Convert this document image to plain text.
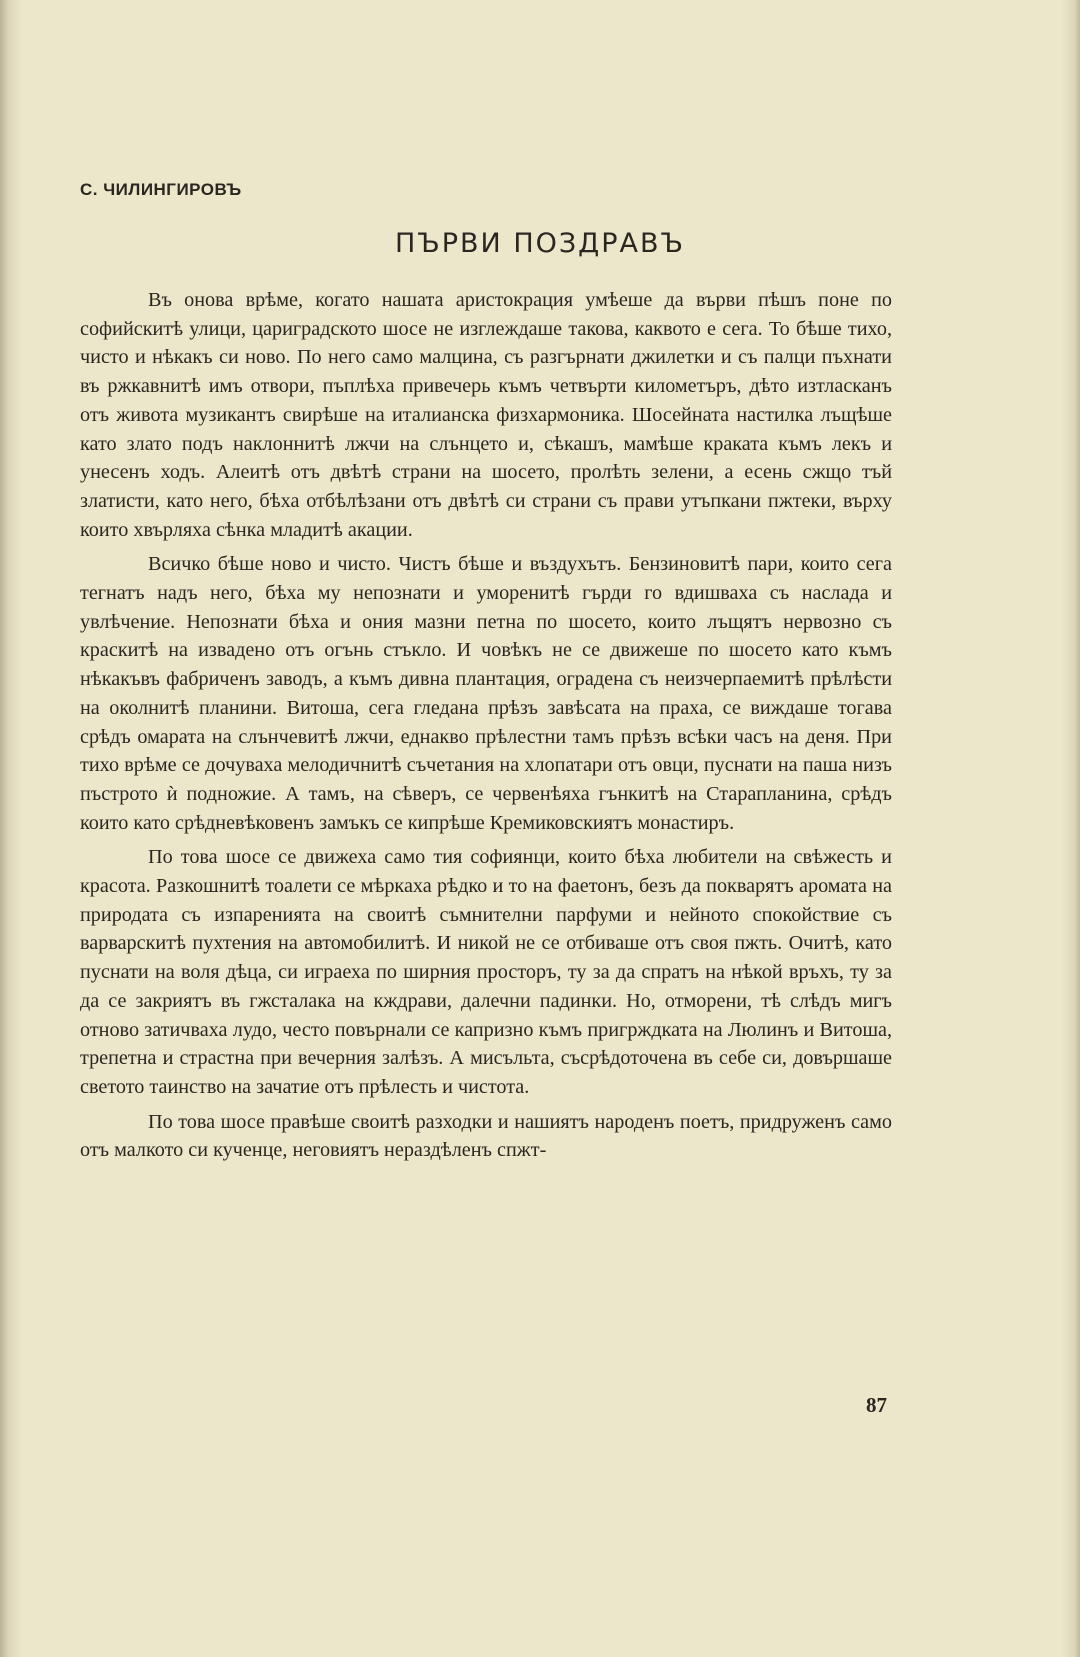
С. ЧИЛИНГИРОВЪ
ПЪРВИ ПОЗДРАВЪ

Въ онова врѣме, когато нашата аристокрация умѣеше да върви пѣшъ поне по софийскитѣ улици, цариградското шосе не изглеждаше такова, каквото е сега. То бѣше тихо, чисто и нѣкакъ си ново. По него само малцина, съ разгърнати джилетки и съ палци пъхнати въ ржкавнитѣ имъ отвори, пъплѣха привечерь къмъ четвърти километъръ, дѣто изтласканъ отъ живота музикантъ свирѣше на италианска физхармоника. Шосейната настилка лъщѣше като злато подъ наклоннитѣ лжчи на слънцето и, сѣкашъ, мамѣше краката къмъ лекъ и унесенъ ходъ. Алеитѣ отъ двѣтѣ страни на шосето, пролѣть зелени, а есень сжщо тъй златисти, като него, бѣха отбѣлѣзани отъ двѣтѣ си страни съ прави утъпкани пжтеки, върху които хвърляха сѣнка младитѣ акации.

Всичко бѣше ново и чисто. Чистъ бѣше и въздухътъ. Бензиновитѣ пари, които сега тегнатъ надъ него, бѣха му непознати и уморенитѣ гърди го вдишваха съ наслада и увлѣчение. Непознати бѣха и ония мазни петна по шосето, които лъщятъ нервозно съ краскитѣ на извадено отъ огънь стъкло. И човѣкъ не се движеше по шосето като къмъ нѣкакъвъ фабриченъ заводъ, а къмъ дивна плантация, оградена съ неизчерпаемитѣ прѣлѣсти на околнитѣ планини. Витоша, сега гледана прѣзъ завѣсата на праха, се виждаше тогава срѣдъ омарата на слънчевитѣ лжчи, еднакво прѣлестни тамъ прѣзъ всѣки часъ на деня. При тихо врѣме се дочуваха мелодичнитѣ съчетания на хлопатари отъ овци, пуснати на паша низъ пъстрото ѝ подножие. А тамъ, на сѣверъ, се червенѣяха гънкитѣ на Старапланина, срѣдъ които като срѣдневѣковенъ замъкъ се кипрѣше Кремиковскиятъ монастиръ.

По това шосе се движеха само тия софиянци, които бѣха любители на свѣжесть и красота. Разкошнитѣ тоалети се мѣркаха рѣдко и то на фаетонъ, безъ да покварятъ аромата на природата съ изпаренията на своитѣ съмнителни парфуми и нейното спокойствие съ варварскитѣ пухтения на автомобилитѣ. И никой не се отбиваше отъ своя пжть. Очитѣ, като пуснати на воля дѣца, си играеха по ширния просторъ, ту за да спратъ на нѣкой връхъ, ту за да се закриятъ въ гжсталака на кждрави, далечни падинки. Но, отморени, тѣ слѣдъ мигъ отново затичваха лудо, често повърнали се капризно къмъ пригрждката на Люлинъ и Витоша, трепетна и страстна при вечерния залѣзъ. А мисъльта, съсрѣдоточена въ себе си, довършаше светото таинство на зачатие отъ прѣлесть и чистота.

По това шосе правѣше своитѣ разходки и нашиятъ народенъ поетъ, придруженъ само отъ малкото си кученце, неговиятъ нераздѣленъ спжт-

87
